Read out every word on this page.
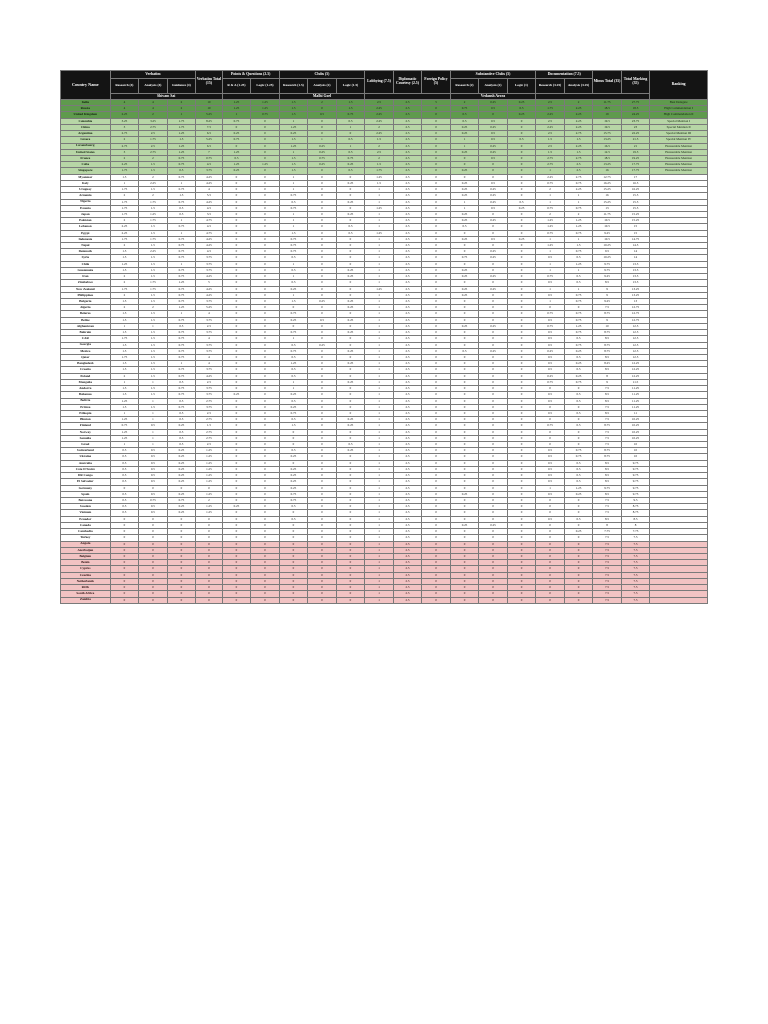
Country Name	Verbatim			Verbatim Total (15)	Points & Questions (2.5)		Clubs (5)			Lobbying (7.5)	Diplomatic Courtesy (2.5)	Foreign Policy (5)	Substantive Clubs (5)			Documentation (7.5)		Minus Total (35)	Total Marking (35)	Ranking
	Research (4)	Analysis (4)	Guidance (4)		R & A (1.25)	Logic (1.25)	Research (1.5)	Analysis (2)	Logic (1.5)				Research (2)	Analysis (2)	Logic (1)	Research (3.25)	Analysis (3.25)			
	Shivam Sai						Malhi Goel						Vedansh Arora							
India	4	4	2	10	1.25	1.25	1.5	2	1.5	2.5	2.5	5	2	0.25	0.25	2.5	2	11.75	27.75	Best Delegate
Russia	4	4	2	10	1.25	1.25	1.5	0	1.5	2.25	2.5	0	0.75	0.5	0.5	1.75	2.25	18.5	18.5	High Commendation I
United Kingdom	2.25	2	1	5.25	1	0.75	1.5	0.5	0.75	2.25	2.5	0	0.5	0	0.25	2.25	2.25	19	24.25	High Commendation II
Colombia	3.25	3.25	1.75	8.25	0.75	0	1	0	0.5	2.25	2.5	0	0.5	0.5	0	2.5	2.25	19.5	23.75	Special Mention I
China	3	2.75	1.75	7.5	0	0	1.25	0	1	2	2.5	0	0.25	0.25	0	2.25	2.25	19.5	23	Special Mention II
Argentina	2.75	2.5	1.25	6.5	0.25	0	0.25	0	0	2.25	2.5	0	0.25	0.5	0	2.5	2.75	15.75	22.25	Special Mention III
Greece	2	1.75	1.5	5.25	0.75	0	1.5	1	0.5	1.5	2.5	0	1	0.5	0.5	1.5	1.5	13.25	21.5	Special Mention IV
Luxembourg	2.75	2.5	1.25	6.5	0	0	1.25	0.25	1	2	2.5	0	1	0.25	0	2.5	2.25	16.5	21	Honourable Mention
United States	3	2.75	1.25	7	1.25	0	1	0.25	0.5	2.5	2.5	0	0.25	0.25	0	1.5	1.5	12.5	19.5	Honourable Mention
France	2	2	0.75	0.75	0.5	0	1.5	0.75	0.75	2	2.5	0	0	0.5	0	2.75	2.75	18.5	19.25	Honourable Mention
Cuba	2.25	1.5	0.75	4.5	1.25	1.25	1.5	0.25	0.25	1.5	2.5	0	0	0	0	2.75	2.5	13.25	17.75	Honourable Mention
Singapore	1.75	1.5	0.5	3.75	0.25	0	1.5	0	0.5	1.75	2.5	0	0.25	0	0	1	2.5	16	17.75	Honourable Mention
Myanmar	1.5	2	0.75	4.25	0	0	1	0	0	1.25	2.5	0	0	0	0	2.25	2.75	12.75	17	
Italy	1	2.25	1	4.25	0	0	1	0	0.25	1.5	2.5	0	0.25	0.5	0	0.75	0.75	16.25	16.5	
Uruguay	1.75	1.5	0.75	4	0	0	1	0	0	1	2.5	0	0.25	0.25	0	2	2.25	15.25	16.25	
Armenia	2	2	1.5	5.5	0	0	0.75	0	0	1	2.5	0	0.25	0.25	0	1	1	16	15.5	
Nigeria	1.75	1.75	0.75	4.25	0	0	0.5	0	0.25	1	2.5	0	1	0.25	0.5	1	1	15.25	15.5	
Estonia	1.75	1.5	0.5	4.5	0	0	0.75	0	0	1.25	2.5	0	1	0.5	0.25	0.75	0.75	13	15.5	
Japan	1.75	1.25	0.5	3.5	0	0	1	0	0.25	1	2.5	0	0.25	0	0	2	2	11.75	15.25	
Pakistan	2	1.75	1	4.75	0	0	1	0	0	1	2.5	0	0.25	0.25	0	1.25	1.25	10.5	15.25	
Lebanon	2.25	1.5	0.75	4.5	0	0	1	0	0.5	1	2.5	0	0.5	0	0	1.25	1.25	10.5	15	
Egypt	2.25	1.5	1	4.75	0	0	1.5	0	0.5	1.25	2.5	0	0	0	0	0.75	0.75	9.25	15	
Indonesia	1.75	1.75	0.75	4.25	0	0	0.75	0	0	1	2.5	0	0.25	0.5	0.25	1	1	10.5	14.75	
Nepal	2	1.5	0.75	4.25	0	0	0.75	0	0	1	2.5	0	0	0	0	1.25	1.5	10.25	14.5	
Denmark	1.5	2.25	0.75	4.5	0	0	0.75	0	0	1	2.5	0	0	0.25	0	1	0.75	9.5	14	
Syria	1.5	1.5	0.75	3.75	0	0	0.5	0	0	1	2.5	0	0.75	0.25	0	0.5	0.5	10.25	14	
Chile	1.25	1.5	1	3.75	0	0	1	0	0	1	2.5	0	0	0	0	1	1.25	9.75	13.5	
Guatemala	1.5	1.5	0.75	3.75	0	0	0.5	0	0.25	1	2.5	0	0.25	0	0	1	1	9.75	13.5	
Iran	2	1.5	0.75	4.25	0	0	1	0	0.25	1	2.5	0	0.25	0.25	0	0.75	0.5	9.25	13.5	
Zimbabwe	2	1.75	1.25	5	0	0	0.5	0	0	1	2.5	0	0	0	0	0.5	0.5	8.5	13.5	
New Zealand	1.75	1.75	0.75	4.25	0	0	0.25	0	0	1.25	2.5	0	0.25	0.25	0	1	1	9	13.25	
Philippines	2	1.5	0.75	4.25	0	0	1	0	0	1	2.5	0	0.25	0	0	0.5	0.75	9	13.25	
Bulgaria	1.5	1.5	0.75	3.75	0	0	1.5	0.25	0.25	1	2.5	0	0	0	0	1	0.75	9.25	13	
Algeria	2	2	1.25	5.25	0	0	0	0	0.25	1	2.5	0	0	0	0	0	0	7.5	12.75	
Belarus	1.5	1.5	1	4	0	0	0.75	0	0	1	2.5	0	0	0	0	0.75	0.75	8.75	12.75	
Belize	1.5	1.5	0.75	3.75	0	0	0.25	0.5	0.25	1	2.5	0	0	0	0	0.5	0.75	9	12.75	
Afghanistan	1	1	0.5	2.5	0	0	0	0	0	1	2.5	0	0.25	0.25	0	0.75	1.25	10	12.5	
Bahrain	1.5	1.5	0.75	3.75	0	0	0.75	0	0.25	1	2.5	0	0	0	0	0.5	0.75	8.75	12.5	
CAR	1.75	1.5	0.75	4	0	0	1	0	0	1	2.5	0	0	0	0	0.5	0.5	8.5	12.5	
Georgia	1.5	1.5	0.75	3.75	0	0	0.5	0.25	0	1	2.5	0	0	0	0	0.5	0.75	8.75	12.5	
Mexico	1.5	1.5	0.75	3.75	0	0	0.75	0	0.25	1	2.5	0	0.5	0.25	0	0.25	0.25	8.75	12.5	
Qatar	1.75	1.5	0.75	4	0	0	0.5	0	0	1	2.5	0	0	0	0	0.5	0.5	8.5	12.5	
Bangladesh	1.5	1.5	1	4	0	0	1.25	0	0.25	1	2.5	0	0	0	0	0.5	0.25	8.25	12.25	
Croatia	1.5	1.5	0.75	3.75	0	0	0.5	0	0	1	2.5	0	0	0	0	0.5	0.5	8.5	12.25	
Poland	2	1.5	0.75	4.25	0	0	0.5	0	0	1	2.5	0	0	0	0	0.25	0.25	8	12.25	
Mongolia	1	1	0.5	2.5	0	0	1	0	0.25	1	2.5	0	0	0	0	0.75	0.75	9	11.5	
Andorra	1.5	1.5	0.75	3.75	0	0	1	0	0	1	2.5	0	0	0	0	0	0	7.5	11.25	
Bahamas	1.5	1.5	0.75	3.75	0.25	0	0.25	0	0	1	2.5	0	0	0	0	0.5	0.5	8.5	11.25	
Bolivia	1.25	1	0.5	2.75	0	0	0.5	0	0	1	2.5	0	0	0	0	0.5	0.5	8.5	11.25	
Eritrea	1.5	1.5	0.75	3.75	0	0	0.25	0	0	1	2.5	0	0	0	0	0	0	7.5	11.25	
Ethiopia	1	1	0.5	2.5	0	0	0.75	0	0	1	2.5	0	0	0	0	0.5	0.5	8.5	11	
Bhutan	1.25	1	0.5	2.75	0	0	0.5	0	0.25	1	2.5	0	0	0	0	0	0	7.5	10.25	
Finland	0.75	0.5	0.25	1.5	0	0	1.5	0	0.25	1	2.5	0	0	0	0	0.75	0.5	8.75	10.25	
Norway	1.25	1	0.5	2.75	0	0	0	0	0	1	2.5	0	0	0	0	0	0	7.5	10.25	
Somalia	1.25	1	0.5	2.75	0	0	0	0	0	1	2.5	0	0	0	0	0	0	7.5	10.25	
Israel	1	1	0.5	2.5	0	0	0	0	0.5	1	2.5	0	0	0	0	0	0	7.5	10	
Switzerland	0.5	0.5	0.25	1.25	0	0	0.5	0	0.25	1	2.5	0	0	0	0	0.5	0.75	8.75	10	
Ukraine	0.5	0.5	0.25	1.25	0	0	0.25	0	0	1	2.5	0	0	0	0	0.5	0.75	8.75	10	
Australia	0.5	0.5	0.25	1.25	0	0	0	0	0	1	2.5	0	0	0	0	0.5	0.5	8.5	9.75	
Côte D'Ivoire	0.5	0.5	0.25	1.25	0	0	0.25	0	0	1	2.5	0	0	0	0	0.5	0.5	8.5	9.75	
DR Congo	0.5	0.5	0.25	1.25	0	0	0.25	0	0	1	2.5	0	0	0	0	0.5	0.5	8.5	9.75	
El Salvador	0.5	0.5	0.25	1.25	0	0	0.25	0	0	1	2.5	0	0	0	0	0.5	0.5	8.5	9.75	
Germany	0	0	0	0	0	0	0.25	0	0	1	2.5	0	0	0	0	1	1.25	9.75	9.75	
Spain	0.5	0.5	0.25	1.25	0	0	0.75	0	0	1	2.5	0	0.25	0	0	0.5	0.25	8.5	9.75	
Botswana	0.5	0.75	0.75	2	0	0	0.75	0	0	1	2.5	0	0	0	0	0	0	7.5	9.5	
Sweden	0.5	0.5	0.25	1.25	0.25	0	0.5	0	0	1	2.5	0	0	0	0	0	0	7.5	8.75	
Vietnam	0.5	0.5	0.25	1.25	0	0	0	0	0	1	2.5	0	0	0	0	0	0	7.5	8.75	
Ecuador	0	0	0	0	0	0	0.5	0	0	1	2.5	0	0	0	0	0.5	0.5	8.5	8.5	
Canada	0	0	0	0	0	0	0	0	0	1	2.5	0	0.25	0.25	0	0	0	8	8	
Cambodia	0	0	0	0	0	0	0	0	0	1	2.5	0	0	0	0	0	0.25	7.75	7.75	
Turkey	0	0	0	0	0	0	0	0	0	1	2.5	0	0	0	0	0	0	7.5	7.5	
Angola	0	0	0	0	0	0	0	0	0	1	2.5	0	0	0	0	0	0	7.5	7.5	
Azerbaijan	0	0	0	0	0	0	0	0	0	1	2.5	0	0	0	0	0	0	7.5	7.5	
Belgium	0	0	0	0	0	0	0	0	0	1	2.5	0	0	0	0	0	0	7.5	7.5	
Benin	0	0	0	0	0	0	0	0	0	1	2.5	0	0	0	0	0	0	7.5	7.5	
Cyprus	0	0	0	0	0	0	0	0	0	1	2.5	0	0	0	0	0	0	7.5	7.5	
Czechia	0	0	0	0	0	0	0	0	0	1	2.5	0	0	0	0	0	0	7.5	7.5	
Netherlands	0	0	0	0	0	0	0	0	0	1	2.5	0	0	0	0	0	0	7.5	7.5	
ROK	0	0	0	0	0	0	0	0	0	1	2.5	0	0	0	0	0	0	7.5	7.5	
South Africa	0	0	0	0	0	0	0	0	0	1	2.5	0	0	0	0	0	0	7.5	7.5	
Zambia	0	0	0	0	0	0	0	0	0	1	2.5	0	0	0	0	0	0	7.5	7.5	
